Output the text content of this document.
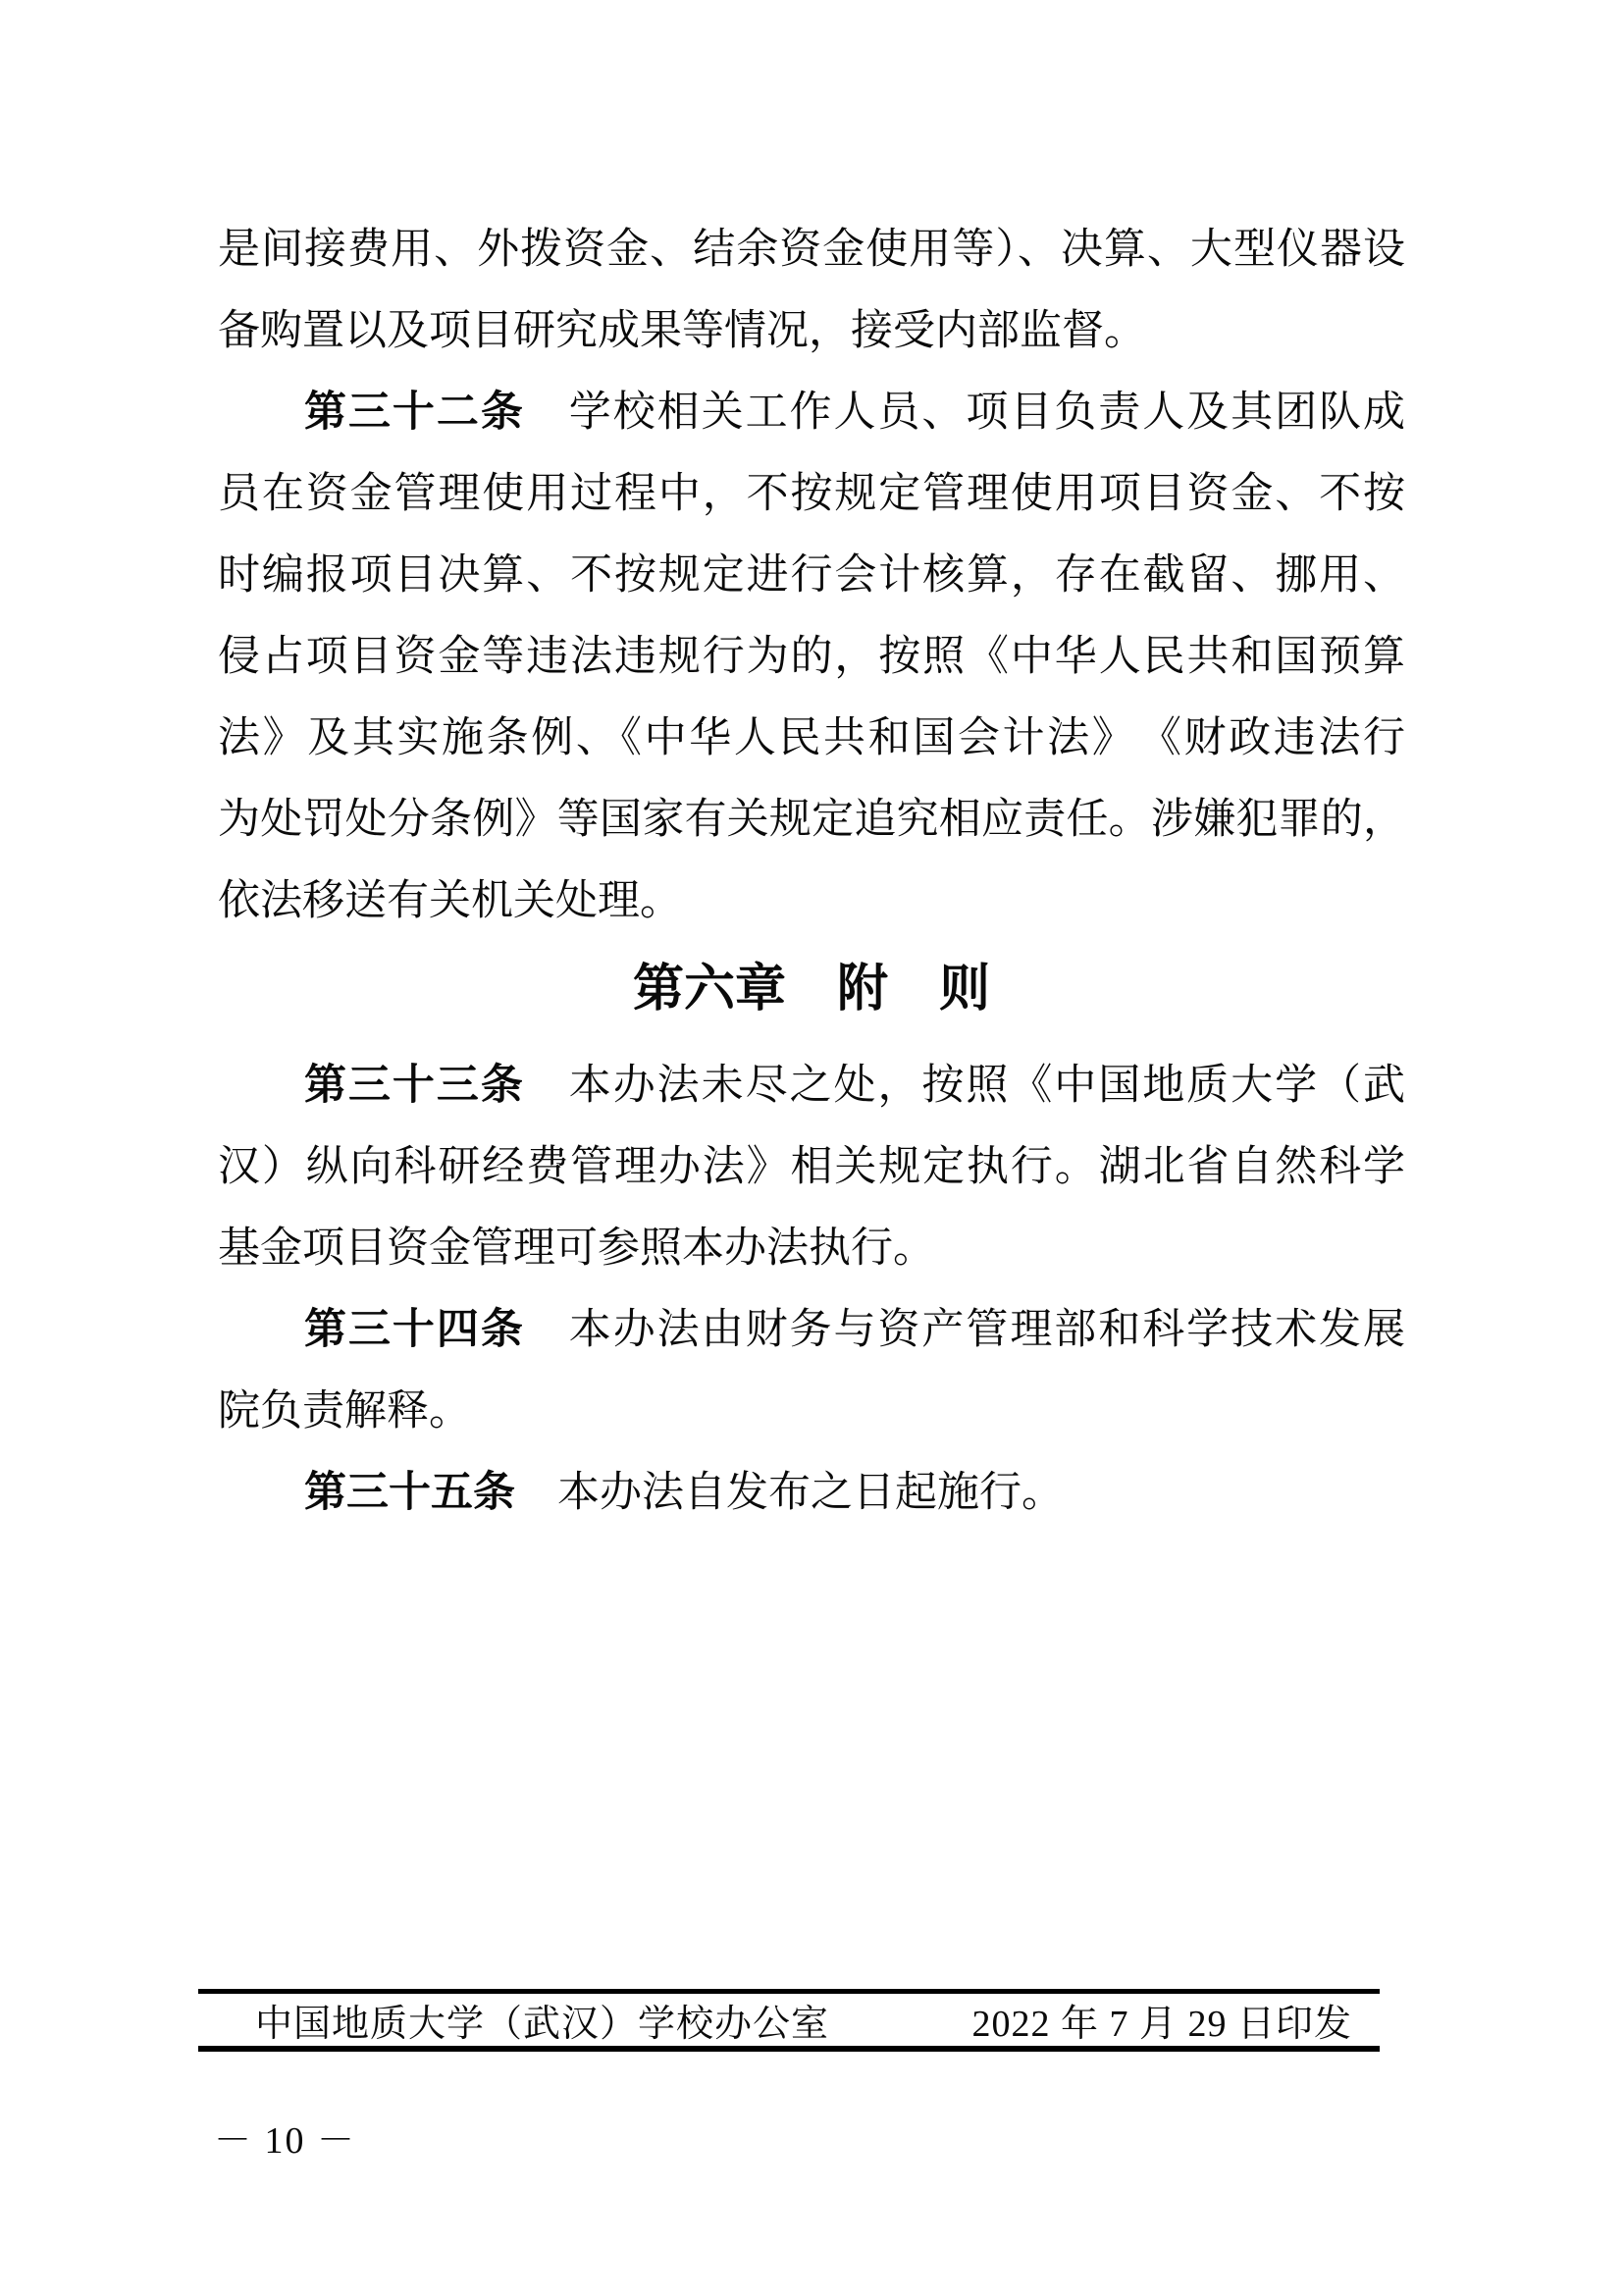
是间接费用、外拨资金、结余资金使用等）、决算、大型仪器设
备购置以及项目研究成果等情况，接受内部监督。
第三十二条　学校相关工作人员、项目负责人及其团队成
员在资金管理使用过程中，不按规定管理使用项目资金、不按
时编报项目决算、不按规定进行会计核算，存在截留、挪用、
侵占项目资金等违法违规行为的，按照《中华人民共和国预算
法》及其实施条例、《中华人民共和国会计法》　《财政违法行
为处罚处分条例》等国家有关规定追究相应责任。涉嫌犯罪的，
依法移送有关机关处理。
第六章　附　则
第三十三条　本办法未尽之处，按照《中国地质大学（武
汉）纵向科研经费管理办法》相关规定执行。湖北省自然科学
基金项目资金管理可参照本办法执行。
第三十四条　本办法由财务与资产管理部和科学技术发展
院负责解释。
第三十五条　本办法自发布之日起施行。
中国地质大学（武汉）学校办公室	2022 年 7 月 29 日印发
－ 10 －
